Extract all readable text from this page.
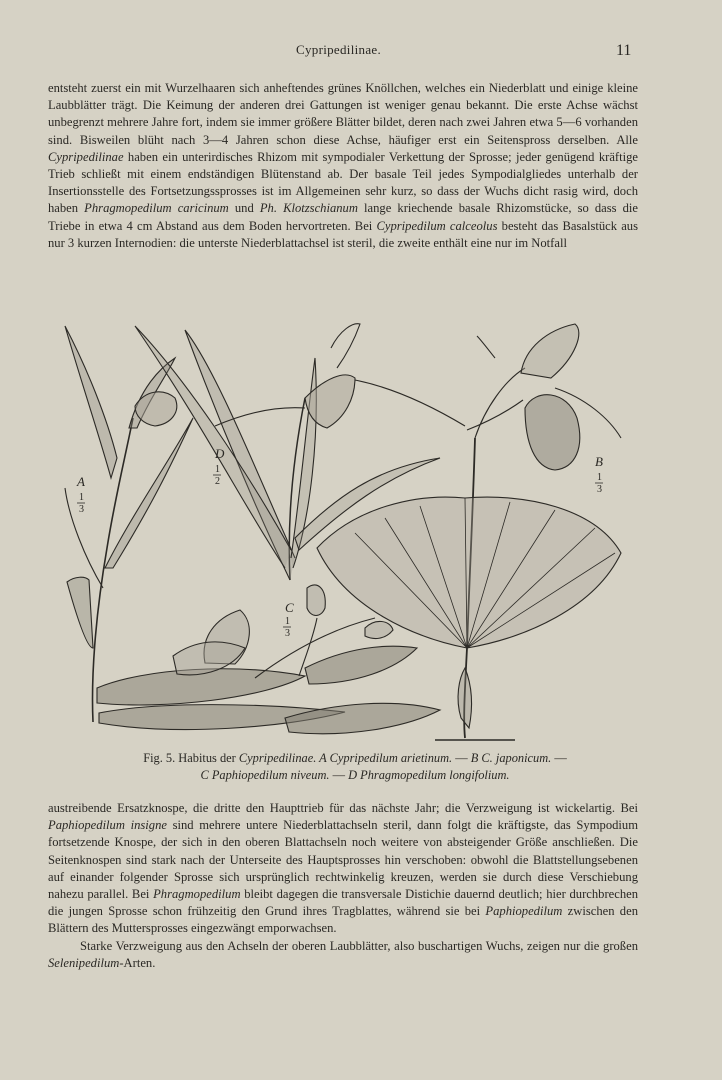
Cypripedilinae.	11

entsteht zuerst ein mit Wurzelhaaren sich anheftendes grünes Knöllchen, welches ein Niederblatt und einige kleine Laubblätter trägt. Die Keimung der anderen drei Gattungen ist weniger genau bekannt. Die erste Achse wächst unbegrenzt mehrere Jahre fort, indem sie immer größere Blätter bildet, deren nach zwei Jahren etwa 5—6 vorhanden sind. Bisweilen blüht nach 3—4 Jahren schon diese Achse, häufiger erst ein Seitenspross derselben. Alle Cypripedilinae haben ein unterirdisches Rhizom mit sympodialer Verkettung der Sprosse; jeder genügend kräftige Trieb schließt mit einem endständigen Blütenstand ab. Der basale Teil jedes Sympodialgliedes unterhalb der Insertionsstelle des Fortsetzungssprosses ist im Allgemeinen sehr kurz, so dass der Wuchs dicht rasig wird, doch haben Phragmopedilum caricinum und Ph. Klotzschianum lange kriechende basale Rhizomstücke, so dass die Triebe in etwa 4 cm Abstand aus dem Boden hervortreten. Bei Cypripedilum calceolus besteht das Basalstück aus nur 3 kurzen Internodien: die unterste Niederblattachsel ist steril, die zweite enthält eine nur im Notfall

A
1
3
D
1
2
B
1
3
C
1
3
Fig. 5. Habitus der Cypripedilinae. A Cypripedilum arietinum. — B C. japonicum. —
C Paphiopedilum niveum. — D Phragmopedilum longifolium.

austreibende Ersatzknospe, die dritte den Haupttrieb für das nächste Jahr; die Verzweigung ist wickelartig. Bei Paphiopedilum insigne sind mehrere untere Niederblattachseln steril, dann folgt die kräftigste, das Sympodium fortsetzende Knospe, der sich in den oberen Blattachseln noch weitere von absteigender Größe anschließen. Die Seitenknospen sind stark nach der Unterseite des Hauptsprosses hin verschoben: obwohl die Blattstellungsebenen auf einander folgender Sprosse sich ursprünglich rechtwinkelig kreuzen, werden sie durch diese Verschiebung nahezu parallel. Bei Phragmopedilum bleibt dagegen die transversale Distichie dauernd deutlich; hier durchbrechen die jungen Sprosse schon frühzeitig den Grund ihres Tragblattes, während sie bei Paphiopedilum zwischen den Blättern des Muttersprosses eingezwängt emporwachsen.

Starke Verzweigung aus den Achseln der oberen Laubblätter, also buschartigen Wuchs, zeigen nur die großen Selenipedilum-Arten.
